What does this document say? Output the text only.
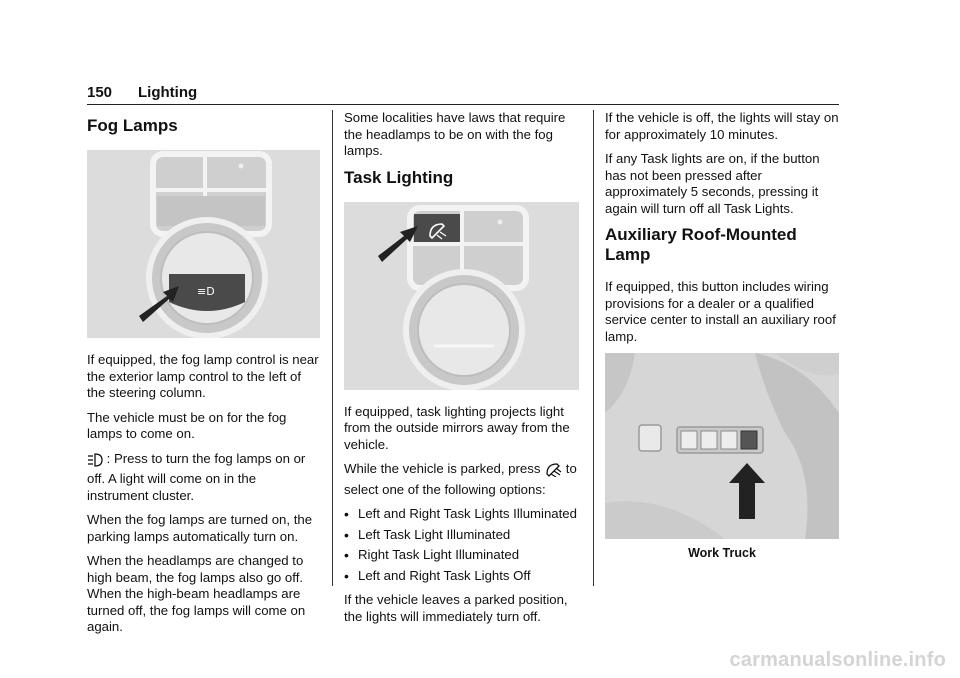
150 Lighting
Fog Lamps
≡D

If equipped, the fog lamp control is near the exterior lamp control to the left of the steering column.

The vehicle must be on for the fog lamps to come on.

: Press to turn the fog lamps on or off. A light will come on in the instrument cluster.

When the fog lamps are turned on, the parking lamps automatically turn on.

When the headlamps are changed to high beam, the fog lamps also go off. When the high-beam headlamps are turned off, the fog lamps will come on again.

Some localities have laws that require the headlamps to be on with the fog lamps.

Task Lighting

If equipped, task lighting projects light from the outside mirrors away from the vehicle.

While the vehicle is parked, press to select one of the following options:

• Left and Right Task Lights Illuminated
• Left Task Light Illuminated
• Right Task Light Illuminated
• Left and Right Task Lights Off

If the vehicle leaves a parked position, the lights will immediately turn off.

If the vehicle is off, the lights will stay on for approximately 10 minutes.

If any Task lights are on, if the button has not been pressed after approximately 5 seconds, pressing it again will turn off all Task Lights.

Auxiliary Roof-Mounted Lamp

If equipped, this button includes wiring provisions for a dealer or a qualified service center to install an auxiliary roof lamp.

Work Truck
carmanualsonline.info
